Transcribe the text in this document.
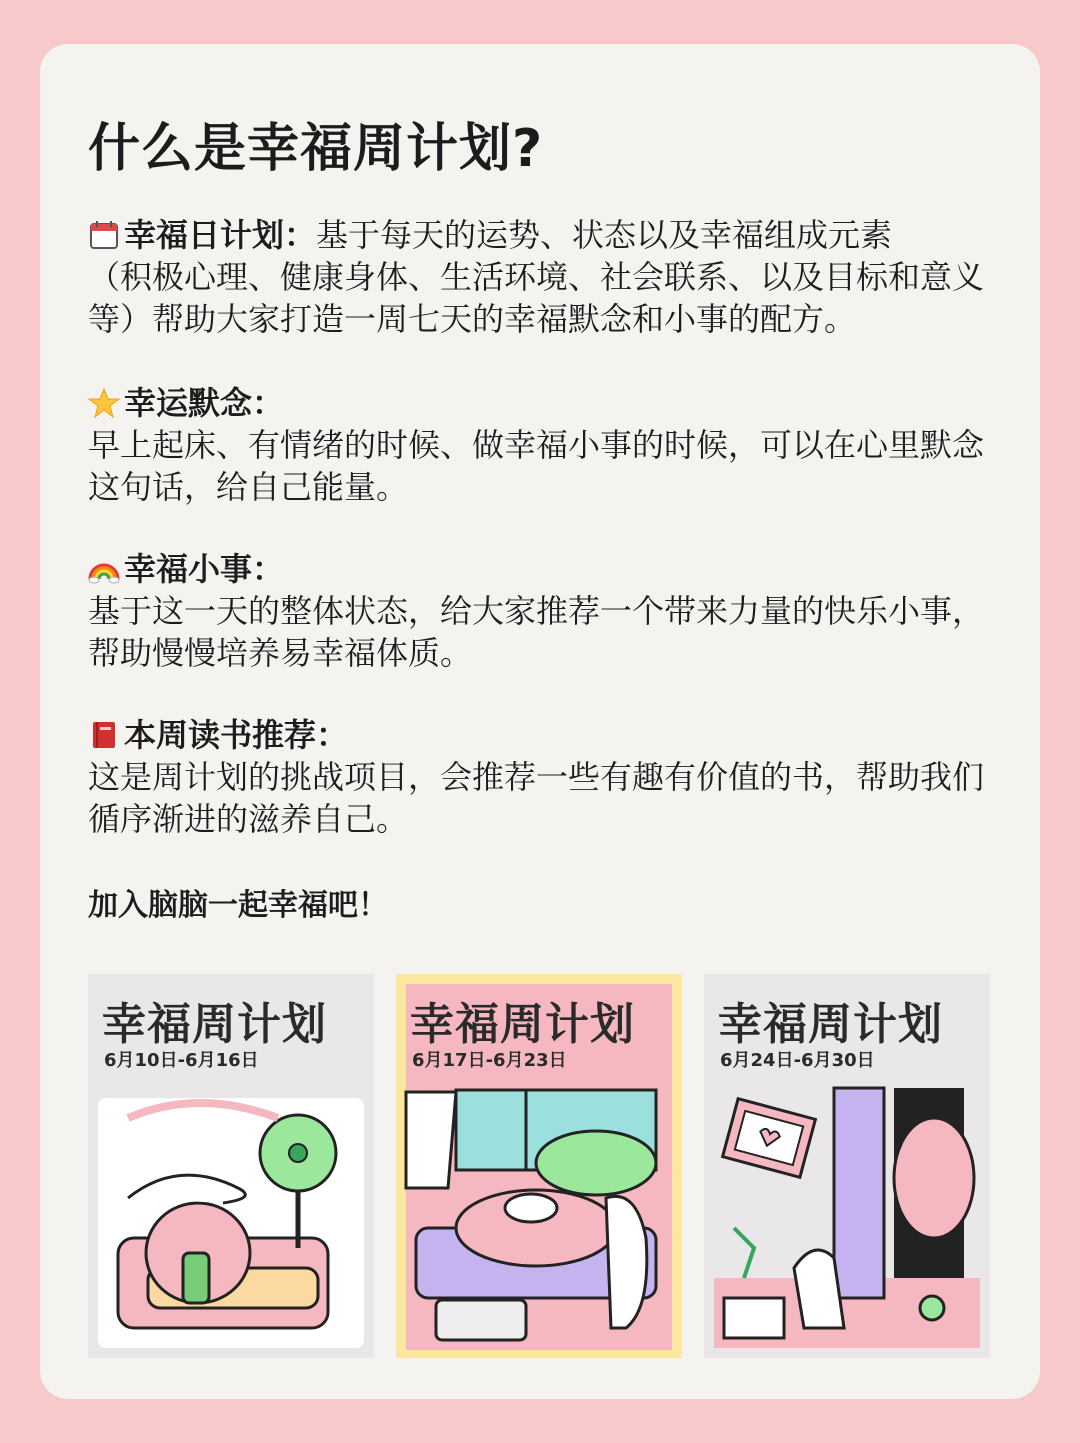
什么是幸福周计划?
幸福日计划： 基于每天的运势、状态以及幸福组成元素

（积极心理、健康身体、生活环境、社会联系、以及目标和意义等）帮助大家打造一周七天的幸福默念和小事的配方。

幸运默念：

早上起床、有情绪的时候、做幸福小事的时候，可以在心里默念这句话，给自己能量。

幸福小事：

基于这一天的整体状态，给大家推荐一个带来力量的快乐小事，帮助慢慢培养易幸福体质。

本周读书推荐：

这是周计划的挑战项目，会推荐一些有趣有价值的书，帮助我们循序渐进的滋养自己。

加入脑脑一起幸福吧！
幸福周计划
6月10日-6月16日
幸福周计划
6月17日-6月23日
幸福周计划
6月24日-6月30日
